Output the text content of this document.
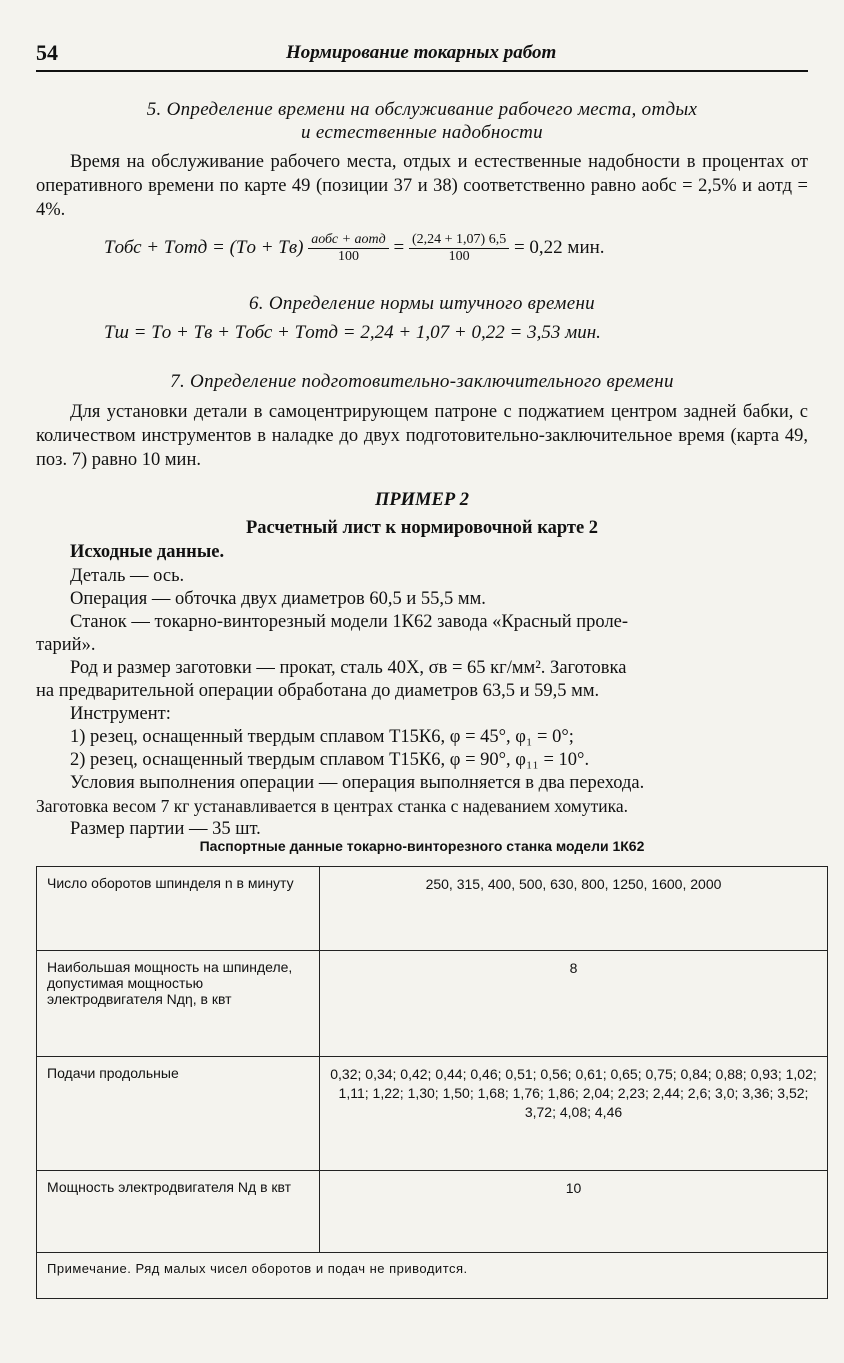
54	Нормирование токарных работ
5. Определение времени на обслуживание рабочего места, отдых
и естественные надобности
Время на обслуживание рабочего места, отдых и естественные надобности в процентах от оперативного времени по карте 49 (позиции 37 и 38) соответственно равно aобс = 2,5% и aотд = 4%.
Tобс + Tотд = $(Tо + Tв) \frac{\text{aобс + aотд}}{100} = \frac{(2,24 + 1,07) 6,5}{100} = 0,22$ мин.
6. Определение нормы штучного времени
Tш = Tо + Tв + Tобс + Tотд = 2,24 + 1,07 + 0,22 = 3,53 мин.
7. Определение подготовительно-заключительного времени
Для установки детали в самоцентрирующем патроне с поджатием центром задней бабки, с количеством инструментов в наладке до двух подготовительно-заключительное время (карта 49, поз. 7) равно 10 мин.
ПРИМЕР 2
Расчетный лист к нормировочной карте 2
Исходные данные.
Деталь — ось.
Операция — обточка двух диаметров 60,5 и 55,5 мм.
Станок — токарно-винторезный модели 1К62 завода «Красный проле-
тарий».
Род и размер заготовки — прокат, сталь 40Х, σв = 65 кг/мм². Заготовка
на предварительной операции обработана до диаметров 63,5 и 59,5 мм.
Инструмент:
1) резец, оснащенный твердым сплавом Т15К6, φ = 45°, φ₁ = 0°;
2) резец, оснащенный твердым сплавом Т15К6, φ = 90°, φ₁₁ = 10°.
Условия выполнения операции — операция выполняется в два перехода.
Заготовка весом 7 кг устанавливается в центрах станка с надеванием хомутика.
Размер партии — 35 шт.
Паспортные данные токарно-винторезного станка модели 1К62
Число оборотов шпинделя n в минуту	250, 315, 400, 500, 630, 800, 1250, 1600, 2000
Наибольшая мощность на шпинделе, допустимая мощностью электродвигателя Nдη, в квт	8
Подачи продольные	0,32; 0,34; 0,42; 0,44; 0,46; 0,51; 0,56; 0,61; 0,65; 0,75; 0,84; 0,88; 0,93; 1,02; 1,11; 1,22; 1,30; 1,50; 1,68; 1,76; 1,86; 2,04; 2,23; 2,44; 2,6; 3,0; 3,36; 3,52; 3,72; 4,08; 4,46
Мощность электродвигателя Nд в квт	10
Примечание. Ряд малых чисел оборотов и подач не приводится.	
